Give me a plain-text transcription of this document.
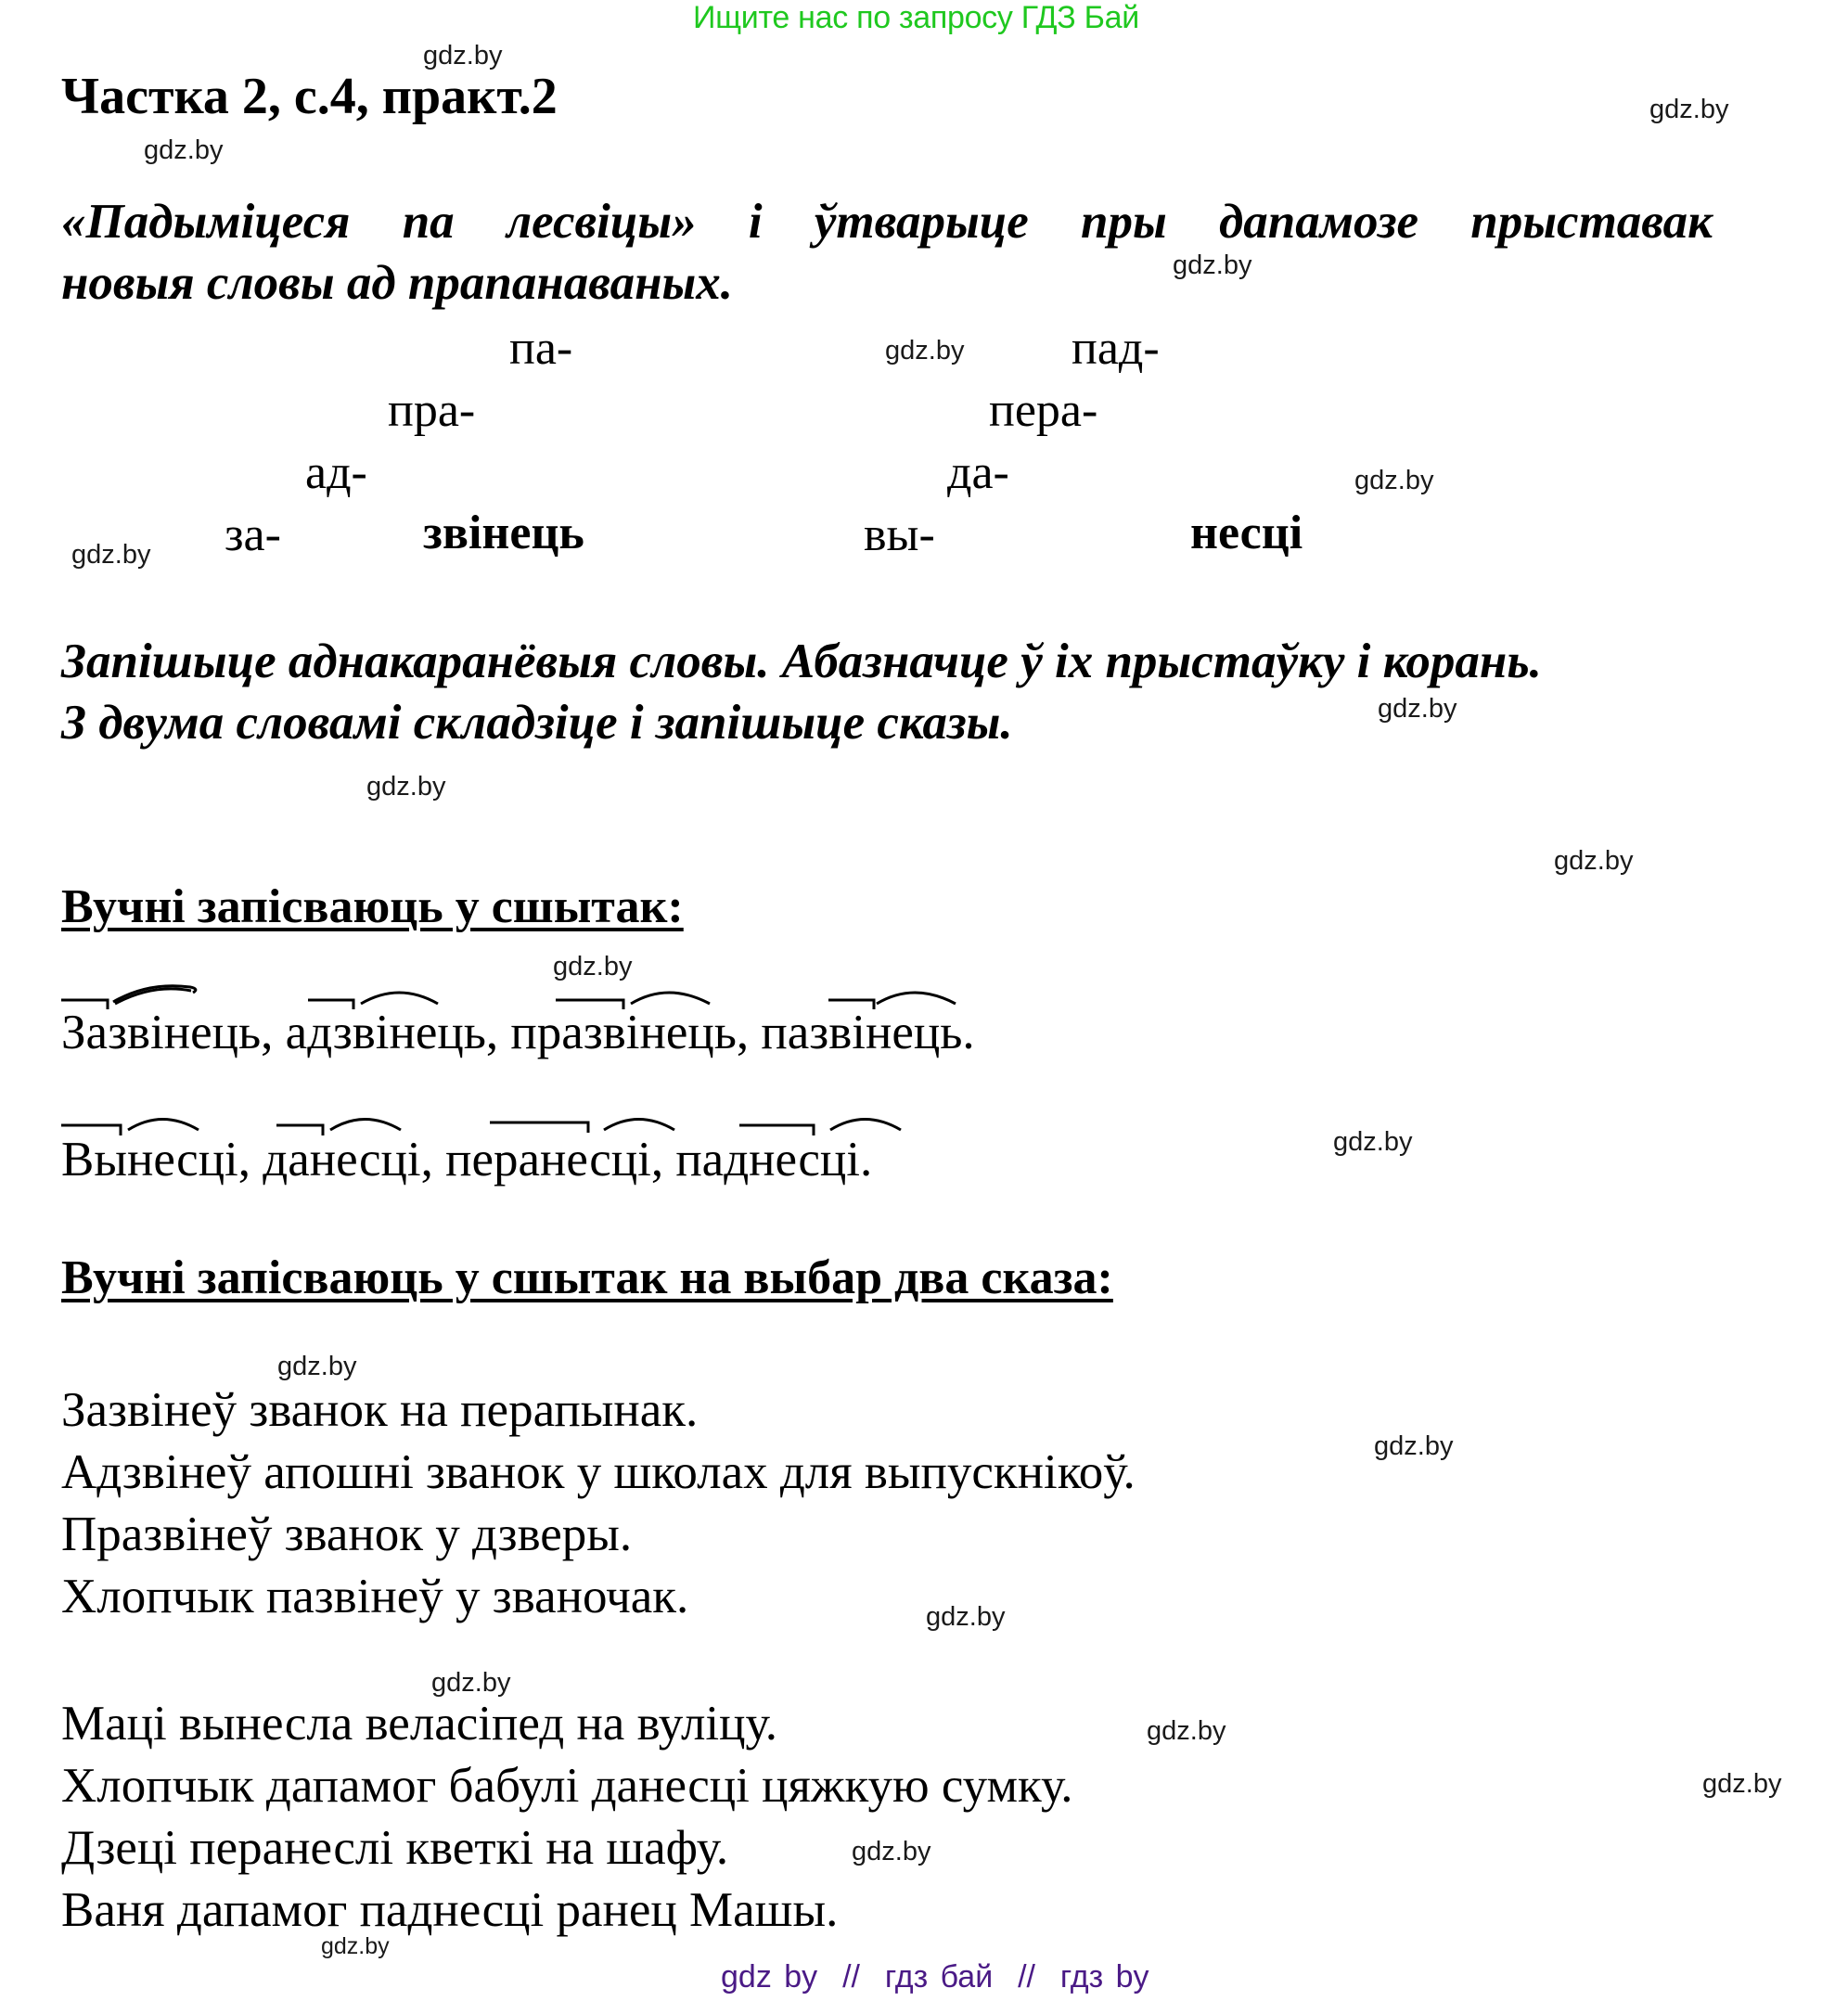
Ищите нас по запросу ГДЗ Бай
gdz.by
gdz.by
gdz.by
gdz.by
gdz.by
gdz.by
gdz.by
gdz.by
gdz.by
gdz.by
gdz.by
gdz.by
gdz.by
gdz.by
gdz.by
gdz.by
gdz.by
gdz.by
gdz.by
gdz.by
Частка 2, с.4, практ.2
«Падыміцеся па лесвіцы» і ўтварыце пры дапамозе прыставак
новыя словы ад прапанаваных.
па-
пра-
ад-
за-	звінець
пад-
пера-
да-
вы-	несці
Запішыце аднакаранёвыя словы. Абазначце ў іх прыстаўку і корань.
З двума словамі складзіце і запішыце сказы.
Вучні запісваюць у сшытак:
Зазвінець, адзвінець, празвінець, пазвінець.
Вынесці, данесці, перанесці, паднесці.
Вучні запісваюць у сшытак на выбар два сказа:
Зазвінеў званок на перапынак.
Адзвінеў апошні званок у школах для выпускнікоў.
Празвінеў званок у дзверы.
Хлопчык пазвінеў у званочак.
Маці вынесла веласіпед на вуліцу.
Хлопчык дапамог бабулі данесці цяжкую сумку.
Дзеці перанеслі кветкі на шафу.
Ваня дапамог паднесці ранец Машы.
gdz by  //  гдз бай  //  гдз by
